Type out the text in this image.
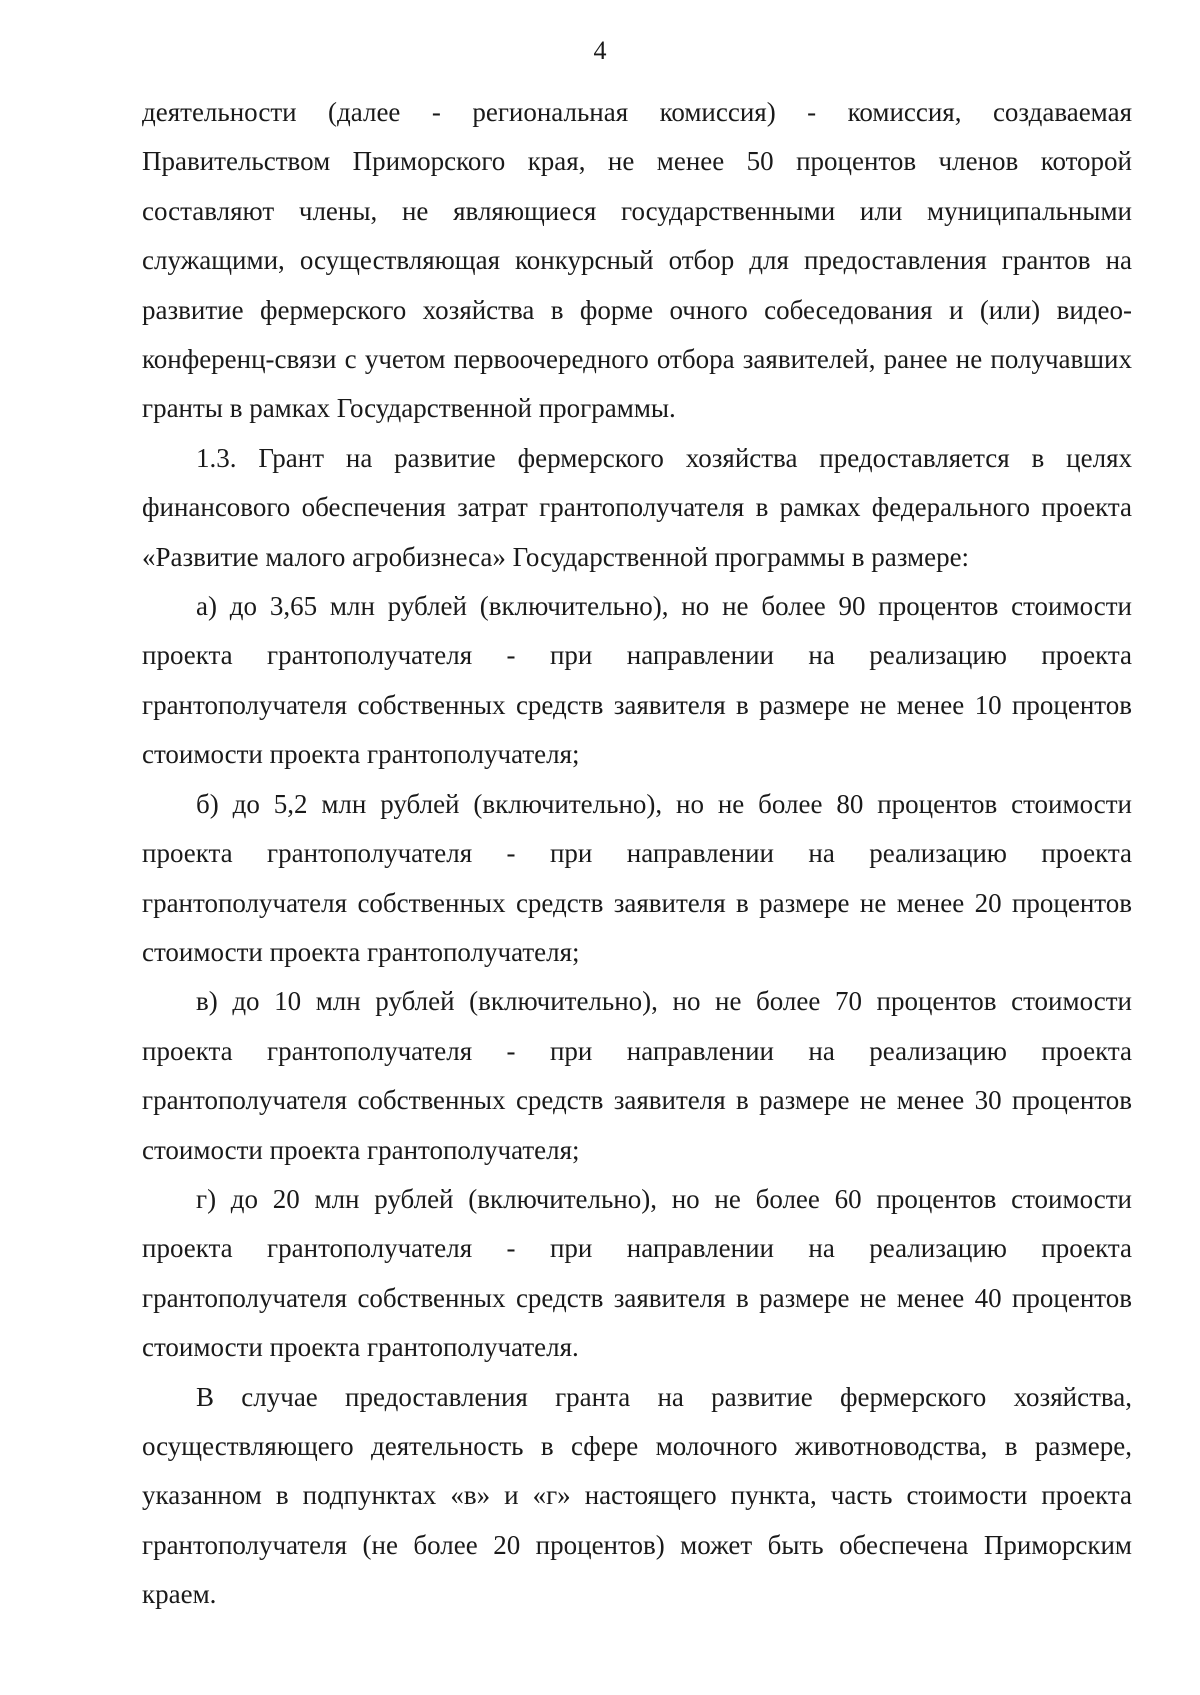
4

деятельности (далее - региональная комиссия) - комиссия, создаваемая Правительством Приморского края, не менее 50 процентов членов которой составляют члены, не являющиеся государственными или муниципальными служащими, осуществляющая конкурсный отбор для предоставления грантов на развитие фермерского хозяйства в форме очного собеседования и (или) видео-конференц-связи с учетом первоочередного отбора заявителей, ранее не получавших гранты в рамках Государственной программы.

1.3. Грант на развитие фермерского хозяйства предоставляется в целях финансового обеспечения затрат грантополучателя в рамках федерального проекта «Развитие малого агробизнеса» Государственной программы в размере:

а) до 3,65 млн рублей (включительно), но не более 90 процентов стоимости проекта грантополучателя - при направлении на реализацию проекта грантополучателя собственных средств заявителя в размере не менее 10 процентов стоимости проекта грантополучателя;

б) до 5,2 млн рублей (включительно), но не более 80 процентов стоимости проекта грантополучателя - при направлении на реализацию проекта грантополучателя собственных средств заявителя в размере не менее 20 процентов стоимости проекта грантополучателя;

в) до 10 млн рублей (включительно), но не более 70 процентов стоимости проекта грантополучателя - при направлении на реализацию проекта грантополучателя собственных средств заявителя в размере не менее 30 процентов стоимости проекта грантополучателя;

г) до 20 млн рублей (включительно), но не более 60 процентов стоимости проекта грантополучателя - при направлении на реализацию проекта грантополучателя собственных средств заявителя в размере не менее 40 процентов стоимости проекта грантополучателя.

В случае предоставления гранта на развитие фермерского хозяйства, осуществляющего деятельность в сфере молочного животноводства, в размере, указанном в подпунктах «в» и «г» настоящего пункта, часть стоимости проекта грантополучателя (не более 20 процентов) может быть обеспечена Приморским краем.
